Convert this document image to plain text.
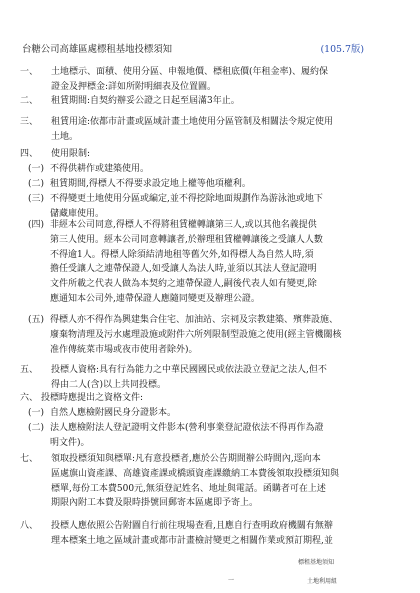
台糖公司高雄區處標租基地投標須知	(105.7版)
一、 土地標示、面積、使用分區、申報地價、標租底價(年租金率)、履約保
證金及押標金:詳如所附明細表及位置圖。
二、 租賃期間:自契約辦妥公證之日起至屆滿3年止。
三、 租賃用途:依都市計畫或區域計畫土地使用分區管制及相關法令規定使用
土地。
四、 使用限制:
(一) 不得供耕作或建築使用。
(二) 租賃期間,得標人不得要求設定地上權等他項權利。
(三) 不得變更土地使用分區或編定,並不得挖除地面規劃作為游泳池或地下
儲藏庫使用。
(四) 非經本公司同意,得標人不得將租賃權轉讓第三人,或以其他名義提供
第三人使用。經本公司同意轉讓者,於辦理租賃權轉讓後之受讓人人數
不得逾1人。得標人除須結清地租等舊欠外,如得標人為自然人時,須
擔任受讓人之連帶保證人,如受讓人為法人時,並須以其法人登記證明
文件所載之代表人做為本契約之連帶保證人,嗣後代表人如有變更,除
應通知本公司外,連帶保證人應隨同變更及辦理公證。
(五) 得標人亦不得作為興建集合住宅、加油站、宗祠及宗教建築、殯葬設施、
廢棄物清理及污水處理設施或附件六所列限制型設施之使用(經主管機關核
准作傳統菜市場或夜市使用者除外)。
五、 投標人資格:具有行為能力之中華民國國民或依法設立登記之法人,但不
得由二人(含)以上共同投標。
六、 投標時應提出之資格文件:
(一) 自然人應檢附國民身分證影本。
(二) 法人應檢附法人登記證明文件影本(營利事業登記證依法不得再作為證
明文件)。
七、 領取投標須知與標單:凡有意投標者,應於公告期間辦公時間內,逕向本
區處旗山資產課、高雄資產課或橋頭資產課繳納工本費後領取投標須知與
標單,每份工本費500元,無須登記姓名、地址與電話。函購者可在上述
期限內附工本費及限時掛號回郵寄本區處即予寄上。
八、 投標人應依照公告附圖自行前往現場查看,且應自行查明政府機關有無辦
理本標案土地之區域計畫或都市計畫檢討變更之相關作業或預訂期程,並
標租基地須知
一	土地利用組
